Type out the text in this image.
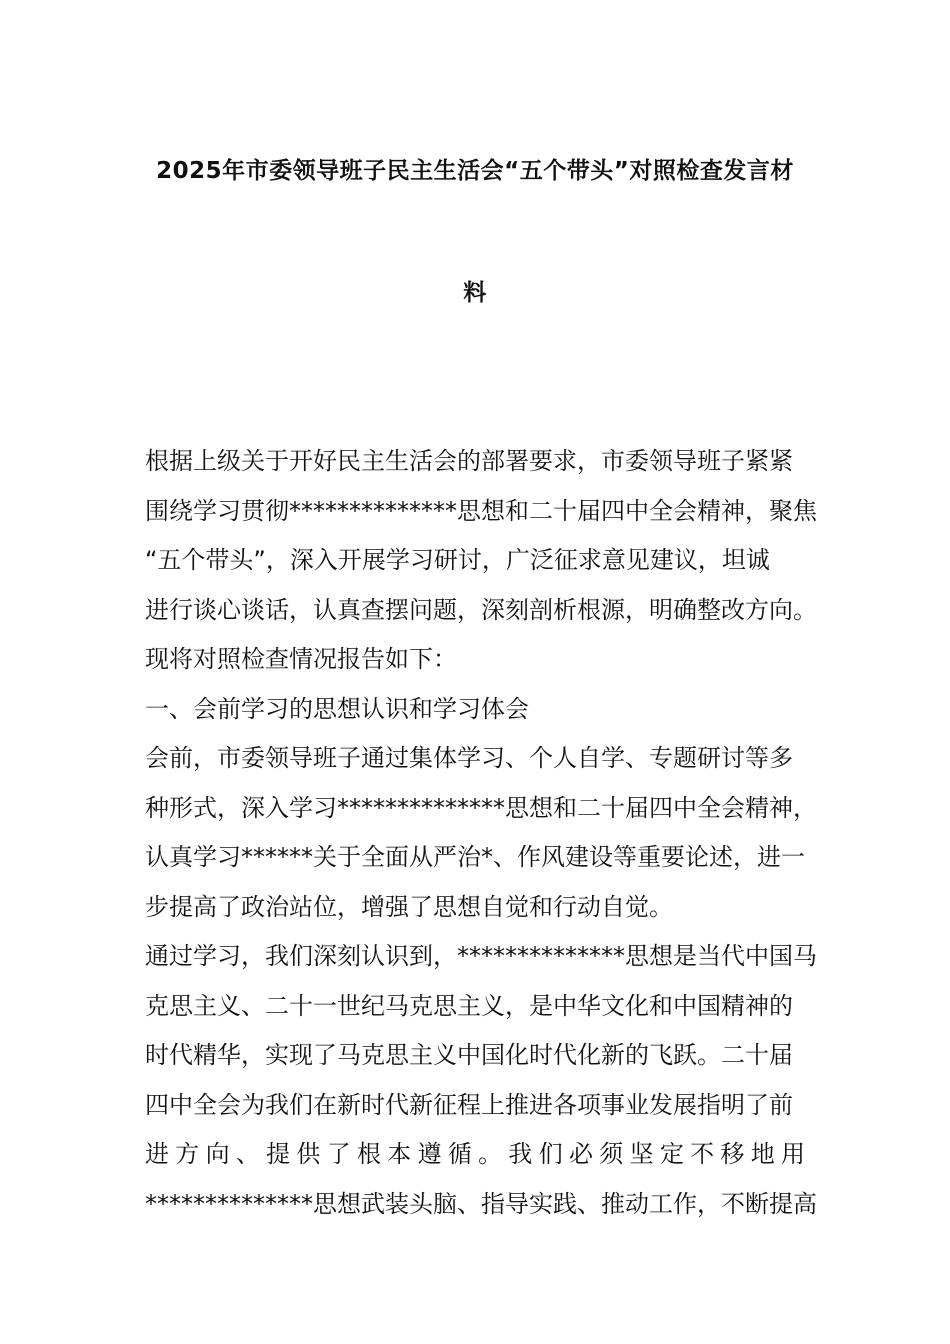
2025年市委领导班子民主生活会“五个带头”对照检查发言材
料
根据上级关于开好民主生活会的部署要求，市委领导班子紧紧
围绕学习贯彻**************思想和二十届四中全会精神，聚焦
“五个带头”，深入开展学习研讨，广泛征求意见建议，坦诚
进行谈心谈话，认真查摆问题，深刻剖析根源，明确整改方向。
现将对照检查情况报告如下：
一、会前学习的思想认识和学习体会
会前，市委领导班子通过集体学习、个人自学、专题研讨等多
种形式，深入学习**************思想和二十届四中全会精神，
认真学习******关于全面从严治*、作风建设等重要论述，进一
步提高了政治站位，增强了思想自觉和行动自觉。
通过学习，我们深刻认识到，**************思想是当代中国马
克思主义、二十一世纪马克思主义，是中华文化和中国精神的
时代精华，实现了马克思主义中国化时代化新的飞跃。二十届
四中全会为我们在新时代新征程上推进各项事业发展指明了前
进方向、提供了根本遵循。我们必须坚定不移地用
**************思想武装头脑、指导实践、推动工作，不断提高
